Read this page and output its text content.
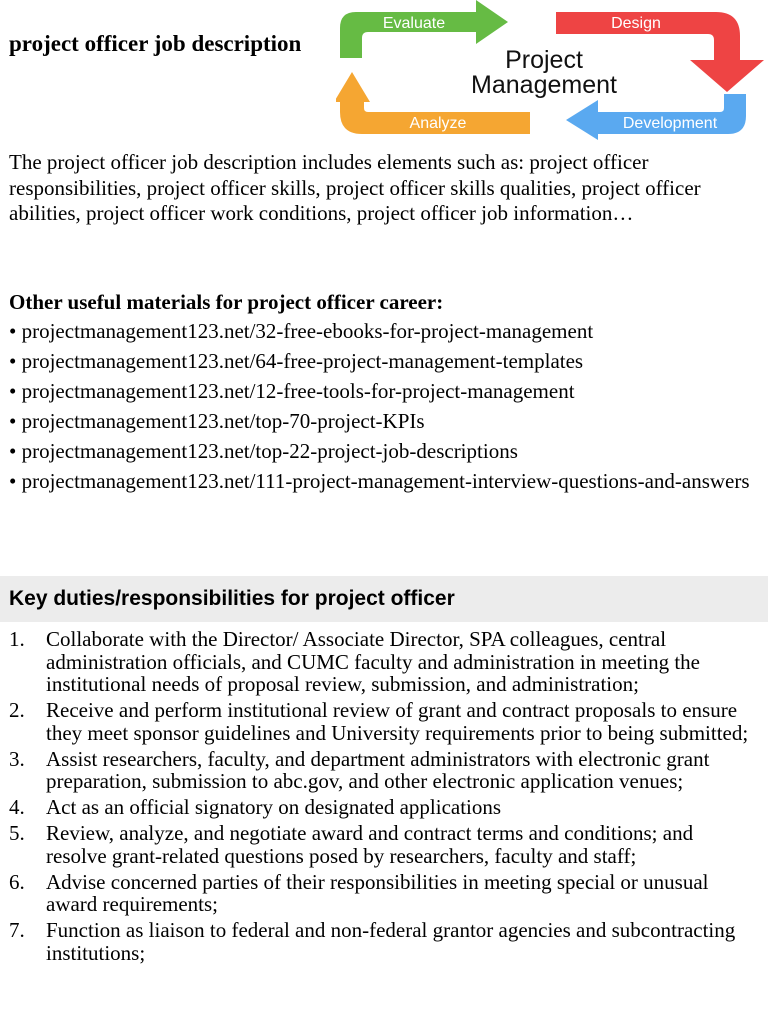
project officer job description
Evaluate	Design
Analyze	Development
Project
Management
The project officer job description includes elements such as: project officer responsibilities, project officer skills, project officer skills qualities, project officer abilities, project officer work conditions, project officer job information…
Other useful materials for project officer career:
• projectmanagement123.net/32-free-ebooks-for-project-management
• projectmanagement123.net/64-free-project-management-templates
• projectmanagement123.net/12-free-tools-for-project-management
• projectmanagement123.net/top-70-project-KPIs
• projectmanagement123.net/top-22-project-job-descriptions
• projectmanagement123.net/111-project-management-interview-questions-and-answers
Key duties/responsibilities for project officer
1. Collaborate with the Director/ Associate Director, SPA colleagues, central administration officials, and CUMC faculty and administration in meeting the institutional needs of proposal review, submission, and administration;
2. Receive and perform institutional review of grant and contract proposals to ensure they meet sponsor guidelines and University requirements prior to being submitted;
3. Assist researchers, faculty, and department administrators with electronic grant preparation, submission to abc.gov, and other electronic application venues;
4. Act as an official signatory on designated applications
5. Review, analyze, and negotiate award and contract terms and conditions; and resolve grant-related questions posed by researchers, faculty and staff;
6. Advise concerned parties of their responsibilities in meeting special or unusual award requirements;
7. Function as liaison to federal and non-federal grantor agencies and subcontracting institutions;
